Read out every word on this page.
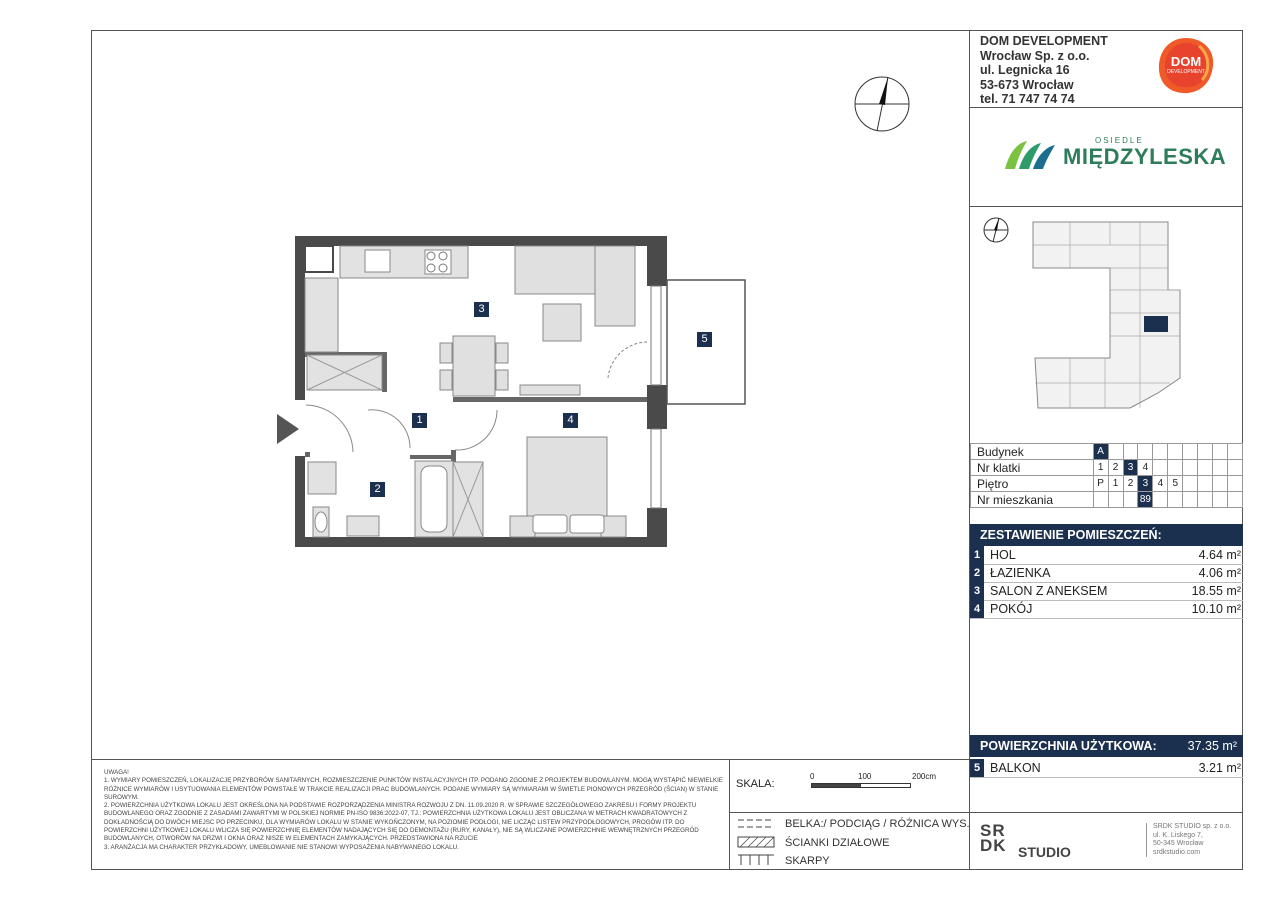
DOM DEVELOPMENT
Wrocław Sp. z o.o.
ul. Legnicka 16
53-673 Wrocław
tel. 71 747 74 74
DOM
DEVELOPMENT
OSIEDLE
MIĘDZYLESKA
3
5
1	4
2
Budynek	A									
Nr klatki	1	2	3	4						
Piętro	P	1	2	3	4	5				
Nr mieszkania				89						
ZESTAWIENIE POMIESZCZEŃ:
1 HOL	4.64 m²
2 ŁAZIENKA	4.06 m²
3 SALON Z ANEKSEM	18.55 m²
4 POKÓJ	10.10 m²
POWIERZCHNIA UŻYTKOWA: 37.35 m²
5 BALKON	3.21 m²
UWAGA!
1. WYMIARY POMIESZCZEŃ, LOKALIZACJĘ PRZYBORÓW SANITARNYCH, ROZMIESZCZENIE PUNKTÓW INSTALACYJNYCH ITP. PODANO ZGODNIE Z PROJEKTEM BUDOWLANYM. MOGĄ WYSTĄPIĆ NIEWIELKIE RÓŻNICE WYMIARÓW I USYTUOWANIA ELEMENTÓW POWSTAŁE W TRAKCIE REALIZACJI PRAC BUDOWLANYCH. PODANE WYMIARY SĄ WYMIARAMI W ŚWIETLE PIONOWYCH PRZEGRÓD (ŚCIAN) W STANIE SUROWYM.
2. POWIERZCHNIA UŻYTKOWA LOKALU JEST OKREŚLONA NA PODSTAWIE ROZPORZĄDZENIA MINISTRA ROZWOJU Z DN. 11.09.2020 R. W SPRAWIE SZCZEGÓŁOWEGO ZAKRESU I FORMY PROJEKTU BUDOWLANEGO ORAZ ZGODNIE Z ZASADAMI ZAWARTYMI W POLSKIEJ NORMIE PN-ISO 9836:2022-07, TJ.: POWIERZCHNIA UŻYTKOWA LOKALU JEST OBLICZANA W METRACH KWADRATOWYCH Z DOKŁADNOŚCIĄ DO DWÓCH MIEJSC PO PRZECINKU, DLA WYMIARÓW LOKALU W STANIE WYKOŃCZONYM, NA POZIOMIE PODŁOGI, NIE LICZĄC LISTEW PRZYPODŁOGOWYCH, PROGÓW ITP. DO POWIERZCHNI UŻYTKOWEJ LOKALU WLICZA SIĘ POWIERZCHNIĘ ELEMENTÓW NADAJĄCYCH SIĘ DO DEMONTAŻU (RURY, KANAŁY), NIE SĄ WLICZANE POWIERZCHNIE WEWNĘTRZNYCH PRZEGRÓD BUDOWLANYCH, OTWORÓW NA DRZWI I OKNA ORAZ NISZE W ELEMENTACH ZAMYKAJĄCYCH. PRZEDSTAWIONA NA RZUCIE
3. ARANŻACJA MA CHARAKTER PRZYKŁADOWY, UMEBLOWANIE NIE STANOWI WYPOSAŻENIA NABYWANEGO LOKALU.
SKALA:
0	100	200cm
BELKA:/ PODCIĄG / RÓŻNICA WYS.
ŚCIANKI DZIAŁOWE
SKARPY
SR
DK STUDIO
SRDK STUDIO sp. z o.o.
ul. K. Liskego 7,
50-345 Wrocław
srdkstudio.com
